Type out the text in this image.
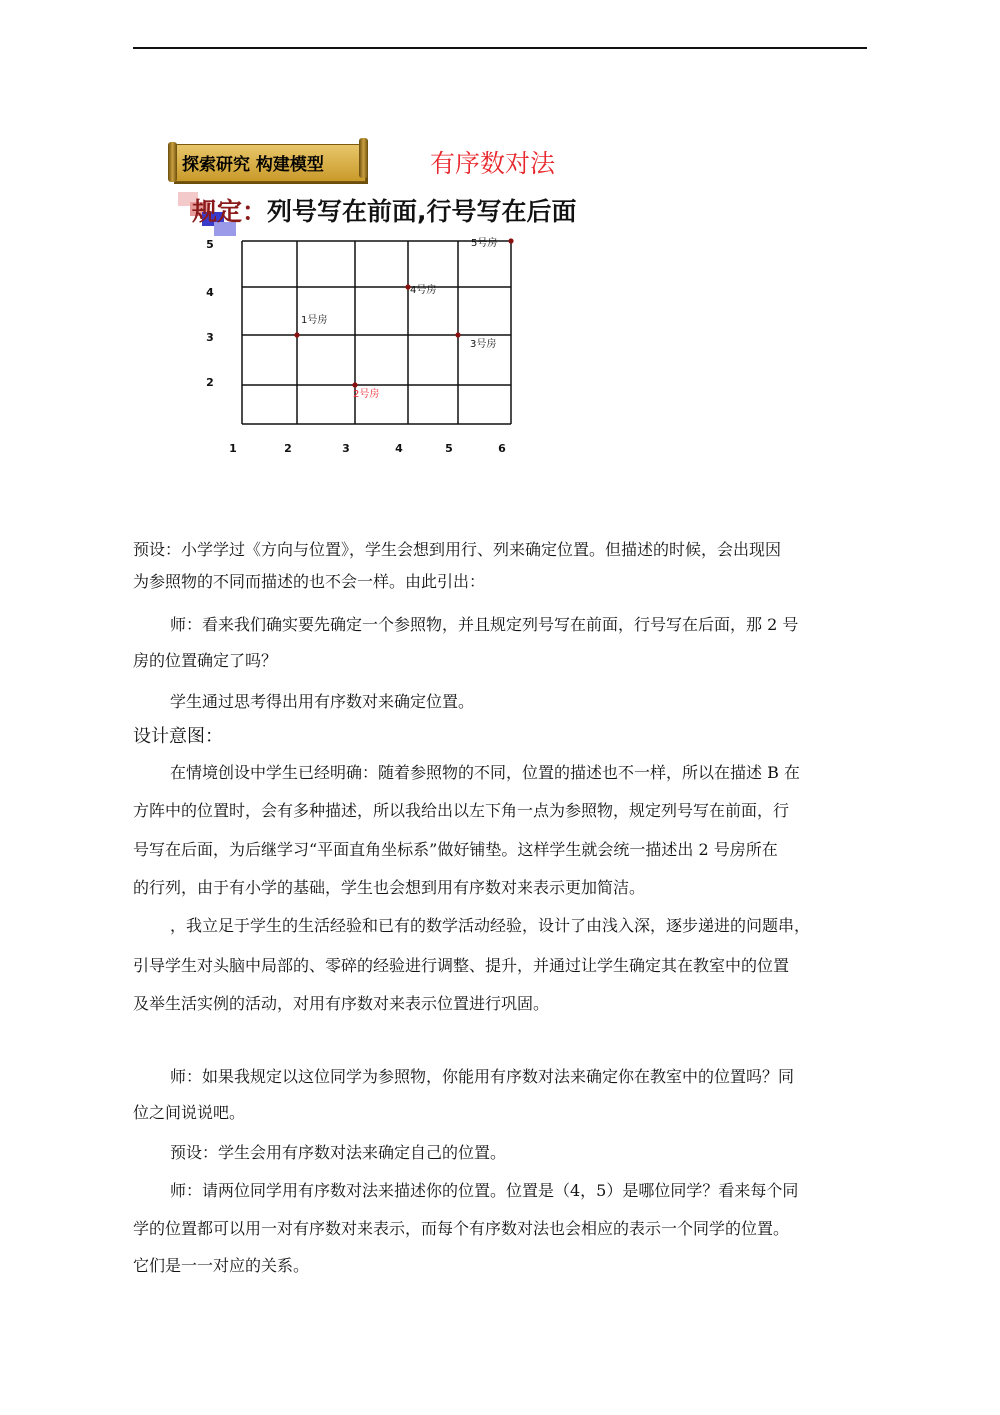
探索研究 构建模型	有序数对法
规定：列号写在前面,行号写在后面
1	2	3	4	5	6
2
3
4
5
1号房
2号房
3号房
4号房
5号房
预设：小学学过《方向与位置》，学生会想到用行、列来确定位置。但描述的时候，会出现因
为参照物的不同而描述的也不会一样。由此引出：
师：看来我们确实要先确定一个参照物，并且规定列号写在前面，行号写在后面，那 2 号
房的位置确定了吗？
学生通过思考得出用有序数对来确定位置。
设计意图：
在情境创设中学生已经明确：随着参照物的不同，位置的描述也不一样，所以在描述 B 在
方阵中的位置时，会有多种描述，所以我给出以左下角一点为参照物，规定列号写在前面，行
号写在后面，为后继学习“平面直角坐标系”做好铺垫。这样学生就会统一描述出 2 号房所在
的行列，由于有小学的基础，学生也会想到用有序数对来表示更加简洁。
，我立足于学生的生活经验和已有的数学活动经验，设计了由浅入深，逐步递进的问题串，
引导学生对头脑中局部的、零碎的经验进行调整、提升，并通过让学生确定其在教室中的位置
及举生活实例的活动，对用有序数对来表示位置进行巩固。
师：如果我规定以这位同学为参照物，你能用有序数对法来确定你在教室中的位置吗？同
位之间说说吧。
预设：学生会用有序数对法来确定自己的位置。
师：请两位同学用有序数对法来描述你的位置。位置是（4，5）是哪位同学？看来每个同
学的位置都可以用一对有序数对来表示，而每个有序数对法也会相应的表示一个同学的位置。
它们是一一对应的关系。
